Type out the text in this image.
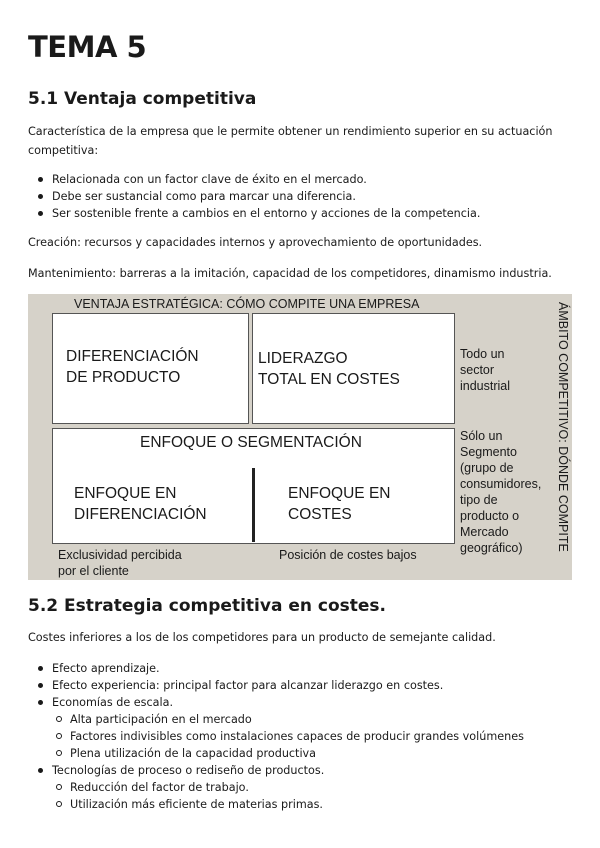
TEMA 5
5.1 Ventaja competitiva

Característica de la empresa que le permite obtener un rendimiento superior en su actuación competitiva:

Relacionada con un factor clave de éxito en el mercado.
Debe ser sustancial como para marcar una diferencia.
Ser sostenible frente a cambios en el entorno y acciones de la competencia.

Creación: recursos y capacidades internos y aprovechamiento de oportunidades.

Mantenimiento: barreras a la imitación, capacidad de los competidores, dinamismo industria.

VENTAJA ESTRATÉGICA: CÓMO COMPITE UNA EMPRESA
DIFERENCIACIÓN
DE PRODUCTO
LIDERAZGO
TOTAL EN COSTES
ENFOQUE O SEGMENTACIÓN
ENFOQUE EN
DIFERENCIACIÓN
ENFOQUE EN
COSTES
Todo un
sector
industrial
Sólo un
Segmento
(grupo de
consumidores,
tipo de
producto o
Mercado
geográfico)
Exclusividad percibida
por el cliente
Posición de costes bajos
ÁMBITO COMPETITIVO: DÓNDE COMPITE
5.2 Estrategia competitiva en costes.

Costes inferiores a los de los competidores para un producto de semejante calidad.

Efecto aprendizaje.
Efecto experiencia: principal factor para alcanzar liderazgo en costes.
Economías de escala.
Alta participación en el mercado
Factores indivisibles como instalaciones capaces de producir grandes volúmenes
Plena utilización de la capacidad productiva
Tecnologías de proceso o rediseño de productos.
Reducción del factor de trabajo.
Utilización más eficiente de materias primas.
